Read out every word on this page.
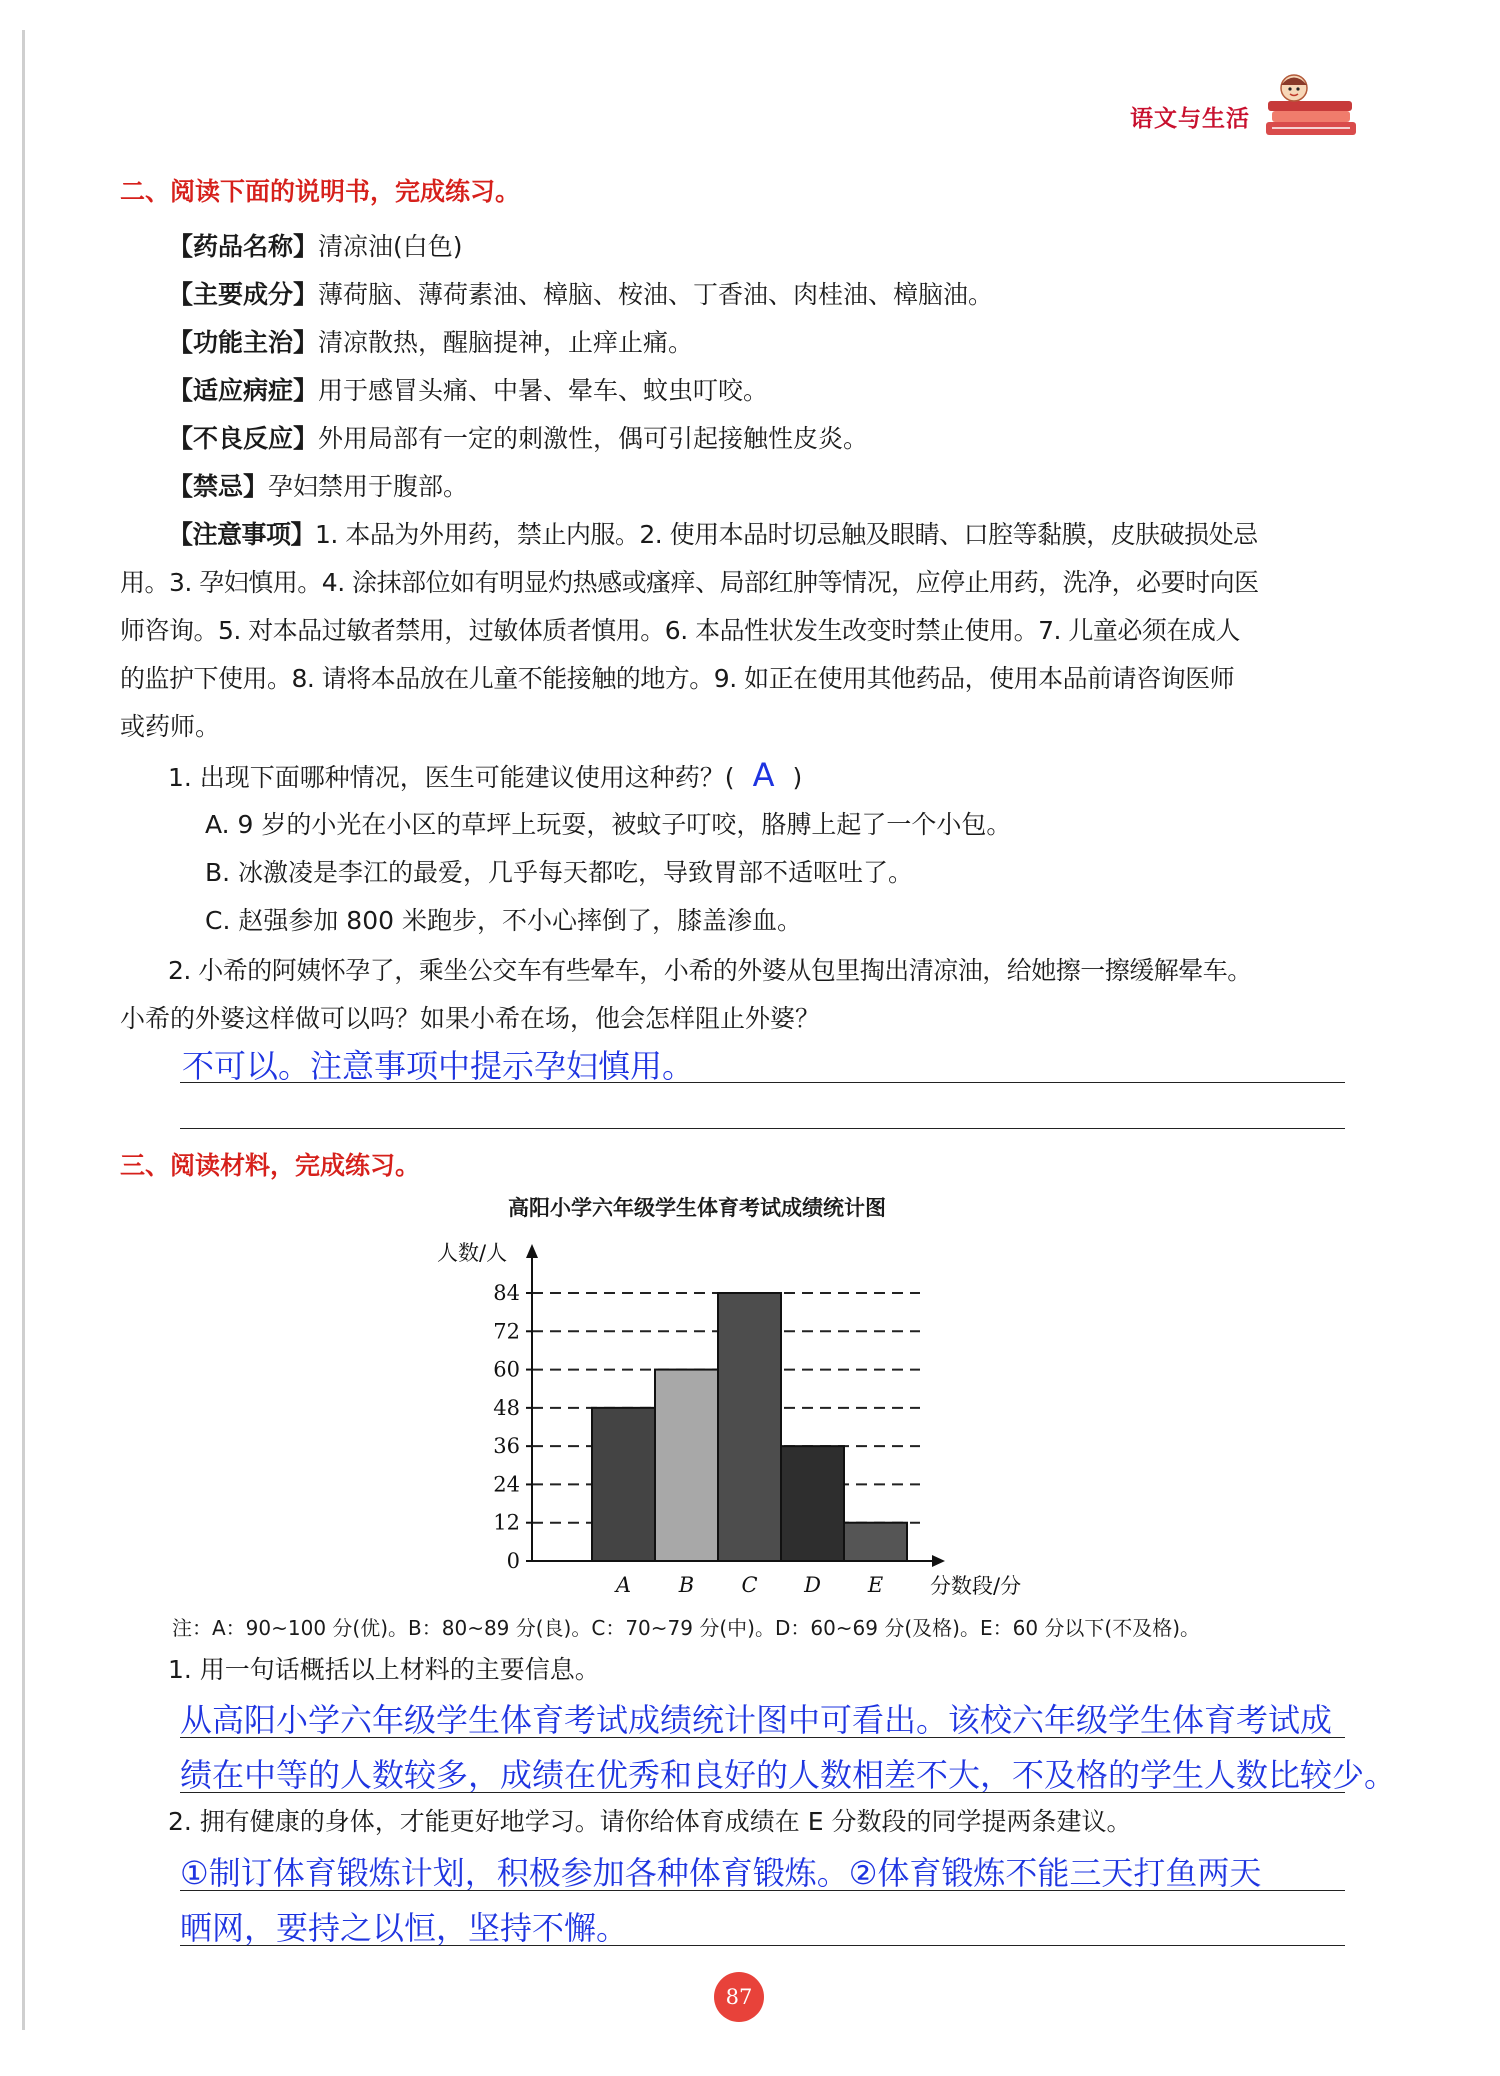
语文与生活
二、阅读下面的说明书，完成练习。
【药品名称】清凉油(白色)
【主要成分】薄荷脑、薄荷素油、樟脑、桉油、丁香油、肉桂油、樟脑油。
【功能主治】清凉散热，醒脑提神，止痒止痛。
【适应病症】用于感冒头痛、中暑、晕车、蚊虫叮咬。
【不良反应】外用局部有一定的刺激性，偶可引起接触性皮炎。
【禁忌】孕妇禁用于腹部。
【注意事项】1. 本品为外用药，禁止内服。2. 使用本品时切忌触及眼睛、口腔等黏膜，皮肤破损处忌
用。3. 孕妇慎用。4. 涂抹部位如有明显灼热感或瘙痒、局部红肿等情况，应停止用药，洗净，必要时向医
师咨询。5. 对本品过敏者禁用，过敏体质者慎用。6. 本品性状发生改变时禁止使用。7. 儿童必须在成人
的监护下使用。8. 请将本品放在儿童不能接触的地方。9. 如正在使用其他药品，使用本品前请咨询医师
或药师。
1. 出现下面哪种情况，医生可能建议使用这种药？( A )
A. 9 岁的小光在小区的草坪上玩耍，被蚊子叮咬，胳膊上起了一个小包。
B. 冰激凌是李江的最爱，几乎每天都吃，导致胃部不适呕吐了。
C. 赵强参加 800 米跑步，不小心摔倒了，膝盖渗血。
2. 小希的阿姨怀孕了，乘坐公交车有些晕车，小希的外婆从包里掏出清凉油，给她擦一擦缓解晕车。
小希的外婆这样做可以吗？如果小希在场，他会怎样阻止外婆？
不可以。注意事项中提示孕妇慎用。
三、阅读材料，完成练习。
高阳小学六年级学生体育考试成绩统计图
0
12
24
36
48
60
72
84
A B C D E
人数/人
分数段/分
注：A：90~100 分(优)。B：80~89 分(良)。C：70~79 分(中)。D：60~69 分(及格)。E：60 分以下(不及格)。
1. 用一句话概括以上材料的主要信息。
从高阳小学六年级学生体育考试成绩统计图中可看出。该校六年级学生体育考试成
绩在中等的人数较多，成绩在优秀和良好的人数相差不大，不及格的学生人数比较少。
2. 拥有健康的身体，才能更好地学习。请你给体育成绩在 E 分数段的同学提两条建议。
①制订体育锻炼计划，积极参加各种体育锻炼。②体育锻炼不能三天打鱼两天
晒网，要持之以恒，坚持不懈。
87
